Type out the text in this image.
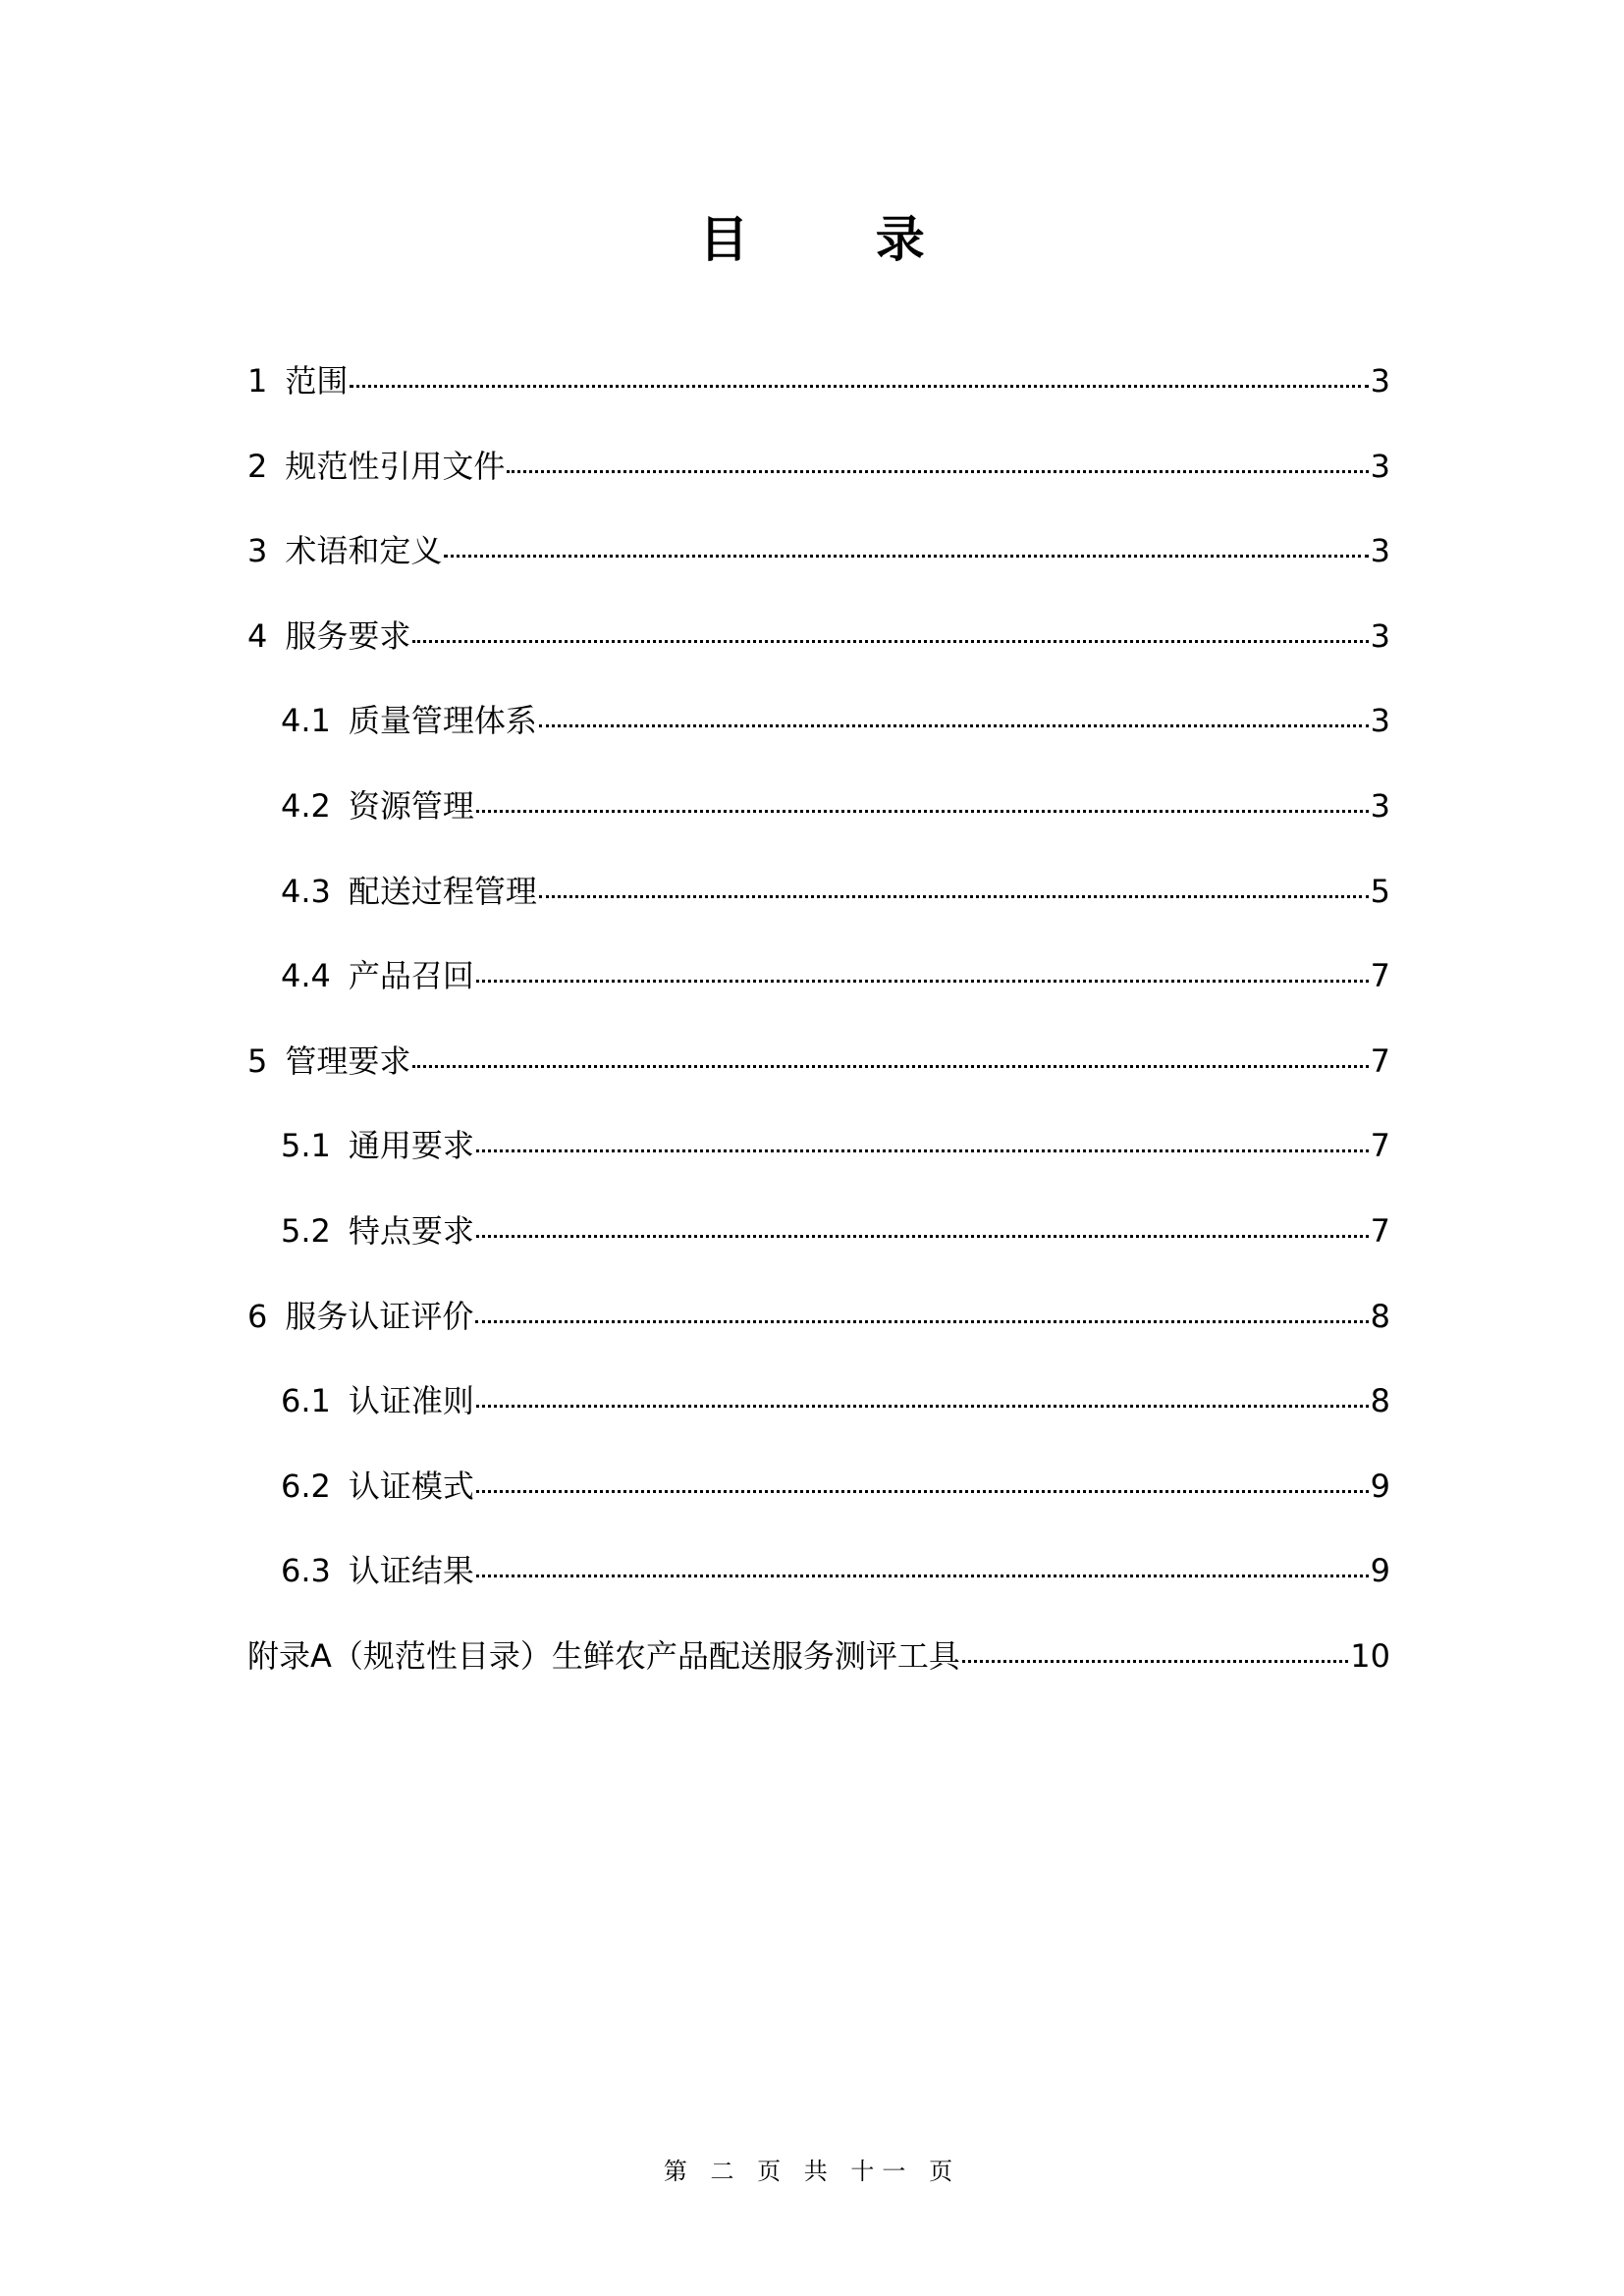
目 录
1 范围	3
2 规范性引用文件	3
3 术语和定义	3
4 服务要求	3
4.1 质量管理体系	3
4.2 资源管理	3
4.3 配送过程管理	5
4.4 产品召回	7
5 管理要求	7
5.1 通用要求	7
5.2 特点要求	7
6 服务认证评价	8
6.1 认证准则	8
6.2 认证模式	9
6.3 认证结果	9
附录A（规范性目录）生鲜农产品配送服务测评工具	10
第 二 页 共 十一 页
